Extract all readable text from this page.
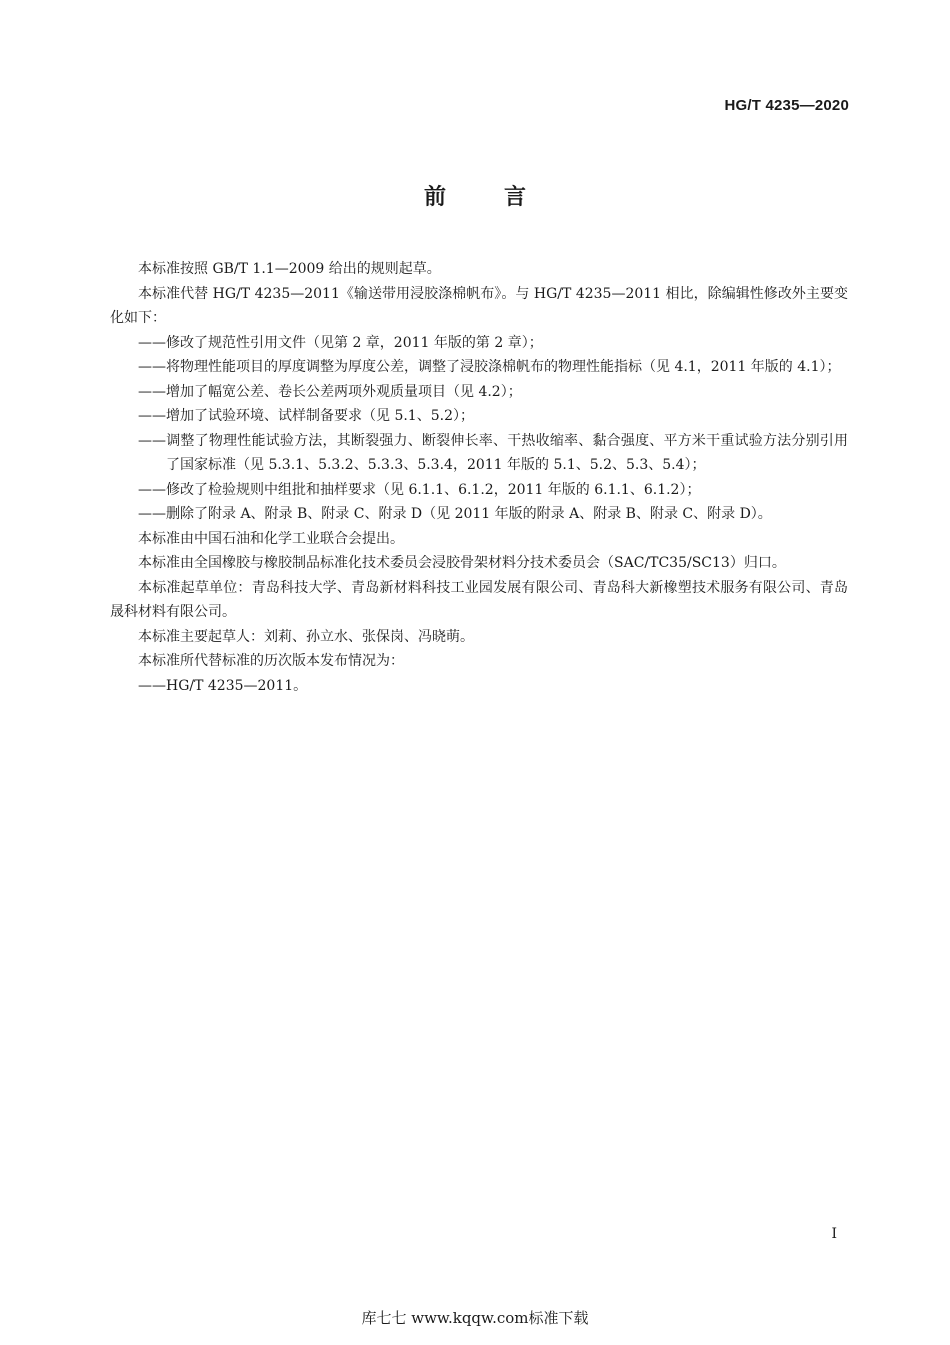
HG/T 4235—2020
前言

本标准按照 GB/T 1.1—2009 给出的规则起草。

本标准代替 HG/T 4235—2011《输送带用浸胶涤棉帆布》。与 HG/T 4235—2011 相比，除编辑性修改外主要变化如下：

——修改了规范性引用文件（见第 2 章，2011 年版的第 2 章）；

——将物理性能项目的厚度调整为厚度公差，调整了浸胶涤棉帆布的物理性能指标（见 4.1，2011 年版的 4.1）；

——增加了幅宽公差、卷长公差两项外观质量项目（见 4.2）；

——增加了试验环境、试样制备要求（见 5.1、5.2）；

——调整了物理性能试验方法，其断裂强力、断裂伸长率、干热收缩率、黏合强度、平方米干重试验方法分别引用了国家标准（见 5.3.1、5.3.2、5.3.3、5.3.4，2011 年版的 5.1、5.2、5.3、5.4）；

——修改了检验规则中组批和抽样要求（见 6.1.1、6.1.2，2011 年版的 6.1.1、6.1.2）；

——删除了附录 A、附录 B、附录 C、附录 D（见 2011 年版的附录 A、附录 B、附录 C、附录 D）。

本标准由中国石油和化学工业联合会提出。

本标准由全国橡胶与橡胶制品标准化技术委员会浸胶骨架材料分技术委员会（SAC/TC35/SC13）归口。

本标准起草单位：青岛科技大学、青岛新材料科技工业园发展有限公司、青岛科大新橡塑技术服务有限公司、青岛晟科材料有限公司。

本标准主要起草人：刘莉、孙立水、张保岗、冯晓萌。

本标准所代替标准的历次版本发布情况为：

——HG/T 4235—2011。

I
库七七 www.kqqw.com标准下载
